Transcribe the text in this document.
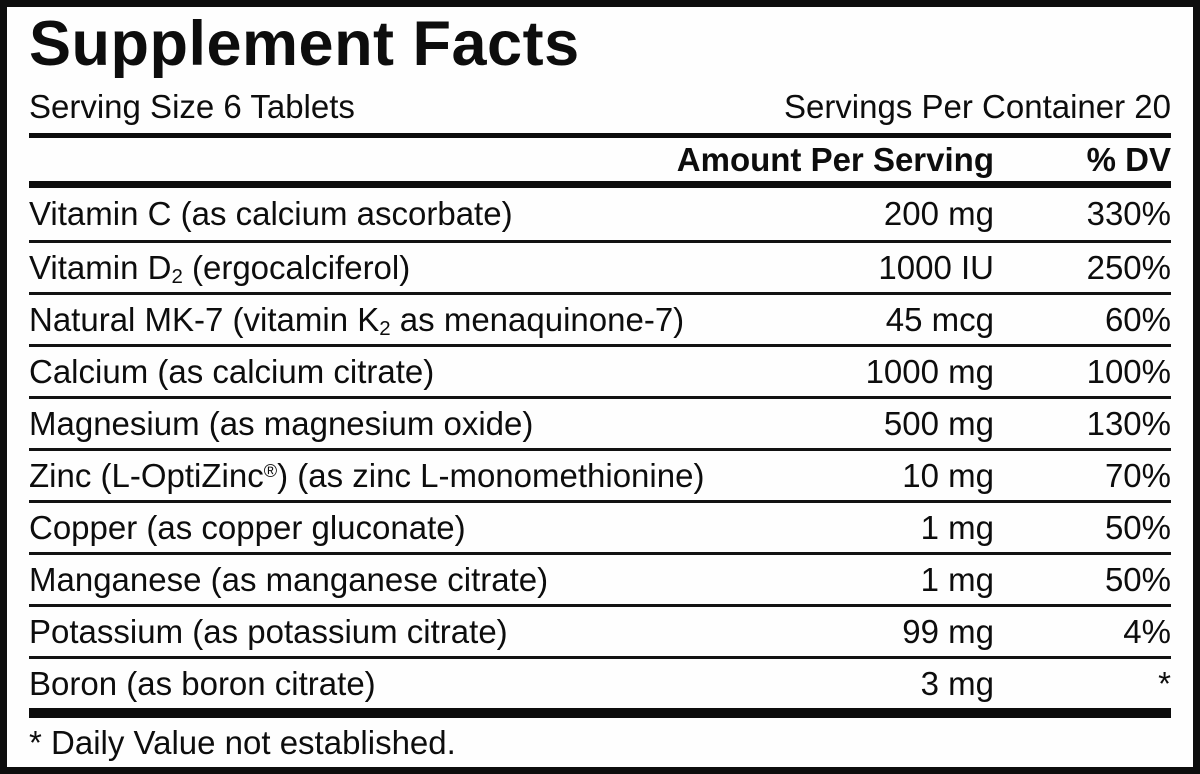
Supplement Facts
Serving Size 6 Tablets	Servings Per Container 20
Amount Per Serving	% DV
Vitamin C (as calcium ascorbate)	200 mg	330%
Vitamin D2 (ergocalciferol)	1000 IU	250%
Natural MK-7 (vitamin K2 as menaquinone-7)	45 mcg	60%
Calcium (as calcium citrate)	1000 mg	100%
Magnesium (as magnesium oxide)	500 mg	130%
Zinc (L-OptiZinc®) (as zinc L-monomethionine)	10 mg	70%
Copper (as copper gluconate)	1 mg	50%
Manganese (as manganese citrate)	1 mg	50%
Potassium (as potassium citrate)	99 mg	4%
Boron (as boron citrate)	3 mg	*
* Daily Value not established.
